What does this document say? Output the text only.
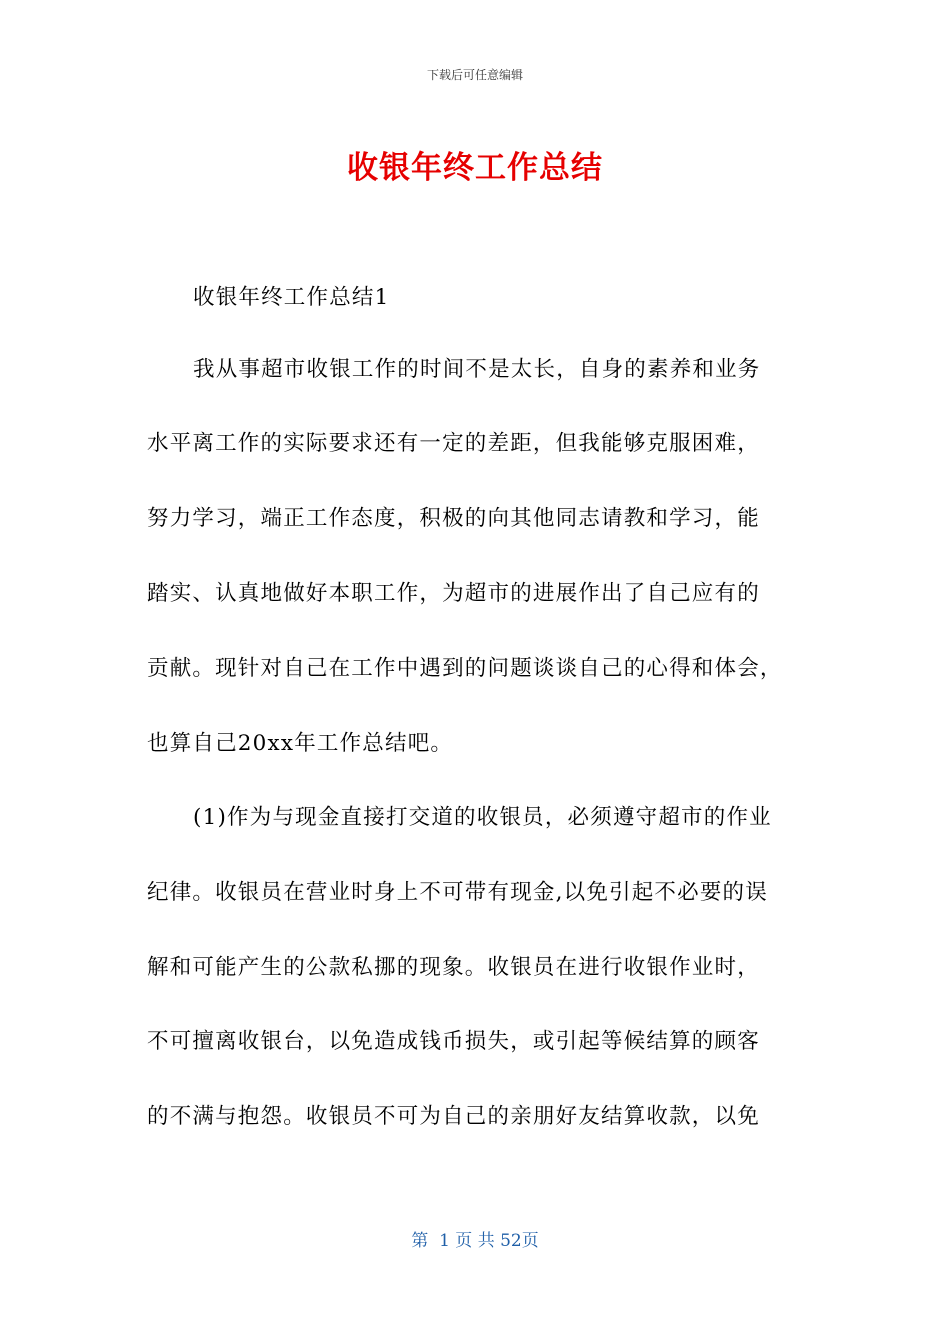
下载后可任意编辑
收银年终工作总结
收银年终工作总结1
我从事超市收银工作的时间不是太长，自身的素养和业务
水平离工作的实际要求还有一定的差距，但我能够克服困难，
努力学习，端正工作态度，积极的向其他同志请教和学习，能
踏实、认真地做好本职工作，为超市的进展作出了自己应有的
贡献。现针对自己在工作中遇到的问题谈谈自己的心得和体会，
也算自己20xx年工作总结吧。
(1)作为与现金直接打交道的收银员，必须遵守超市的作业
纪律。收银员在营业时身上不可带有现金,以免引起不必要的误
解和可能产生的公款私挪的现象。收银员在进行收银作业时，
不可擅离收银台，以免造成钱币损失，或引起等候结算的顾客
的不满与抱怨。收银员不可为自己的亲朋好友结算收款，以免
第  1 页 共 52页
